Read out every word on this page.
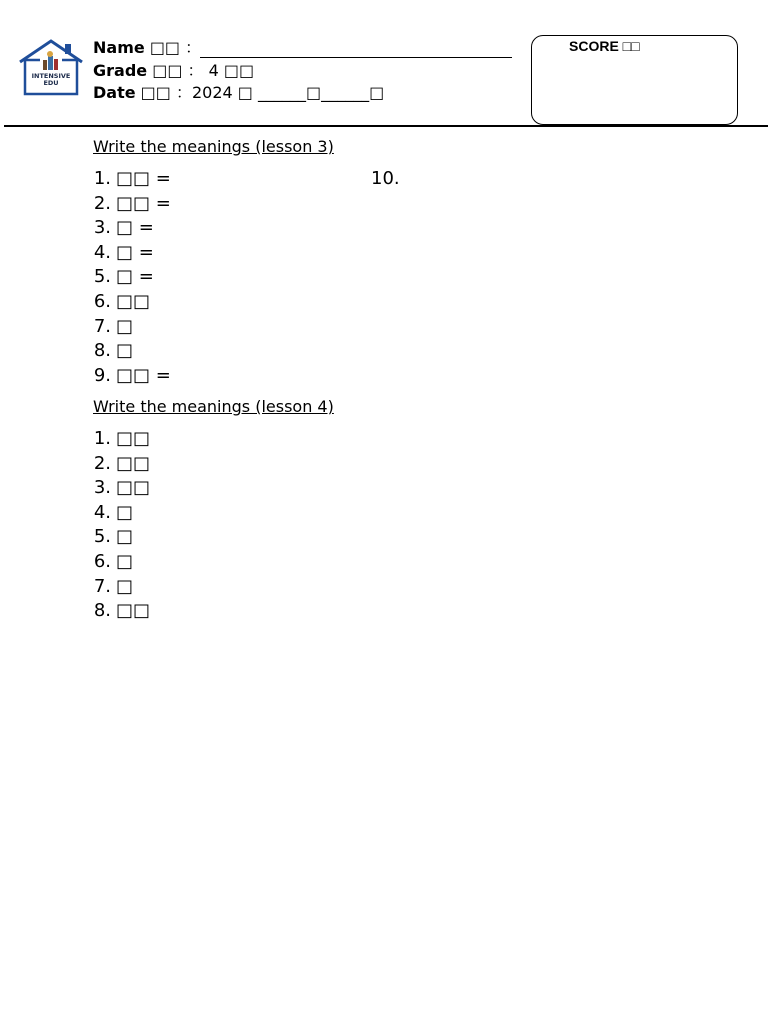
INTENSIVE
EDU
Name □□ ：
Grade □□ ： 4 □□
Date □□ ：2024 □ ______□______□
SCORE □□
Write the meanings (lesson 3)
1. □□ =
2. □□ =
3. □ =
4. □ =
5. □ =
6. □□
7. □
8. □
9. □□ =
10.
Write the meanings (lesson 4)
1. □□
2. □□
3. □□
4. □
5. □
6. □
7. □
8. □□
